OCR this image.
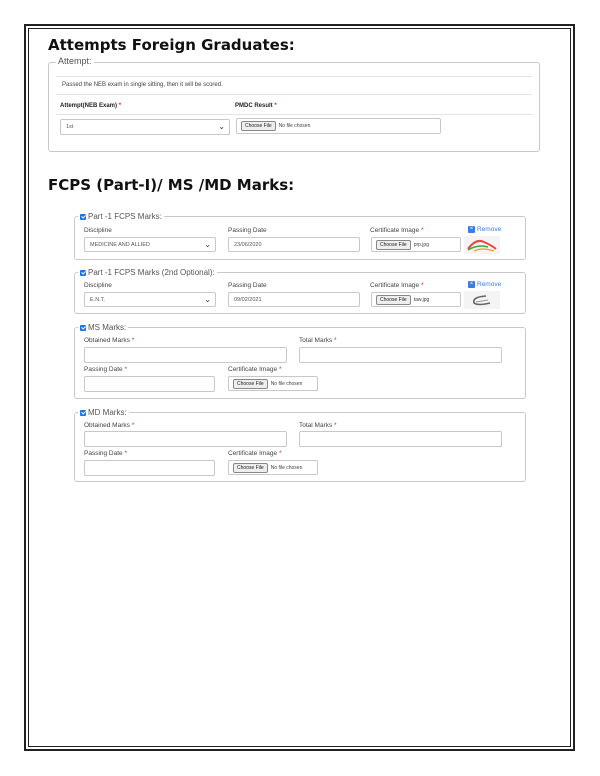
Attempts Foreign Graduates:
Attempt:
Passed the NEB exam in single sitting, then it will be scored.
Attempt(NEB Exam) *	PMDC Result *
1st	⌄	Choose File	No file chosen
FCPS (Part-I)/ MS /MD Marks:
Part -1 FCPS Marks:
Discipline	Passing Date	Certificate Image *	× Remove
MEDICINE AND ALLIED	⌄	23/06/2020	Choose File	prp.jpg
Part -1 FCPS Marks (2nd Optional):
Discipline	Passing Date	Certificate Image *	× Remove
E.N.T.	⌄	09/02/2021	Choose File	taw.jpg
MS Marks:
Obtained Marks *	Total Marks *
Passing Date *	Certificate Image *
Choose File	No file chosen
MD Marks:
Obtained Marks *	Total Marks *
Passing Date *	Certificate Image *
Choose File	No file chosen
